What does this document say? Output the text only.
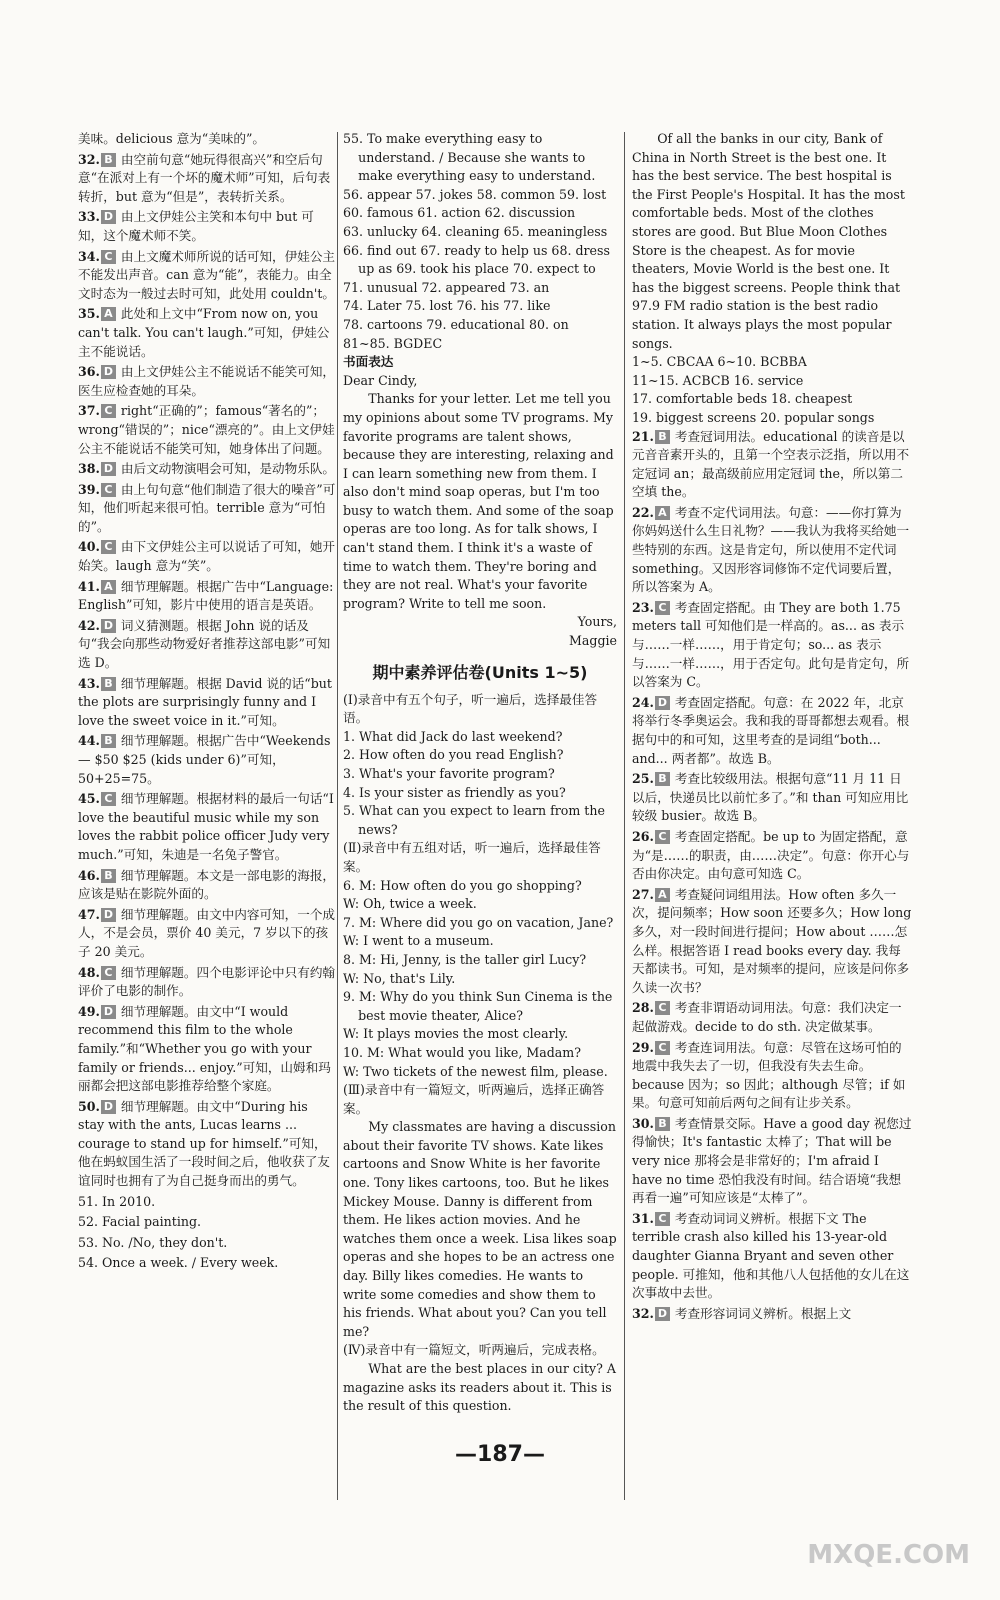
美味。delicious 意为“美味的”。
32. B 由空前句意“她玩得很高兴”和空后句意“在派对上有一个坏的魔术师”可知，后句表转折，but 意为“但是”，表转折关系。
33. D 由上文伊娃公主笑和本句中 but 可知，这个魔术师不笑。
34. C 由上文魔术师所说的话可知，伊娃公主不能发出声音。can 意为“能”，表能力。由全文时态为一般过去时可知，此处用 couldn't。
35. A 此处和上文中“From now on, you can't talk. You can't laugh.”可知，伊娃公主不能说话。
36. D 由上文伊娃公主不能说话不能笑可知，医生应检查她的耳朵。
37. C right“正确的”；famous“著名的”；wrong“错误的”；nice“漂亮的”。由上文伊娃公主不能说话不能笑可知，她身体出了问题。
38. D 由后文动物演唱会可知，是动物乐队。
39. C 由上句句意“他们制造了很大的噪音”可知，他们听起来很可怕。terrible 意为“可怕的”。
40. C 由下文伊娃公主可以说话了可知，她开始笑。laugh 意为“笑”。
41. A 细节理解题。根据广告中“Language: English”可知，影片中使用的语言是英语。
42. D 词义猜测题。根据 John 说的话及句“我会向那些动物爱好者推荐这部电影”可知选 D。
43. B 细节理解题。根据 David 说的话“but the plots are surprisingly funny and I love the sweet voice in it.”可知。
44. B 细节理解题。根据广告中“Weekends — $50 $25 (kids under 6)”可知，50+25=75。
45. C 细节理解题。根据材料的最后一句话“I love the beautiful music while my son loves the rabbit police officer Judy very much.”可知，朱迪是一名兔子警官。
46. B 细节理解题。本文是一部电影的海报，应该是贴在影院外面的。
47. D 细节理解题。由文中内容可知，一个成人，不是会员，票价 40 美元，7 岁以下的孩子 20 美元。
48. C 细节理解题。四个电影评论中只有约翰评价了电影的制作。
49. D 细节理解题。由文中“I would recommend this film to the whole family.”和“Whether you go with your family or friends... enjoy.”可知，山姆和玛丽都会把这部电影推荐给整个家庭。
50. D 细节理解题。由文中“During his stay with the ants, Lucas learns ... courage to stand up for himself.”可知，他在蚂蚁国生活了一段时间之后，他收获了友谊同时也拥有了为自己挺身而出的勇气。
51. In 2010.
52. Facial painting.
53. No. /No, they don't.
54. Once a week. / Every week.

55. To make everything easy to understand. / Because she wants to make everything easy to understand.

56. appear 57. jokes 58. common 59. lost

60. famous 61. action 62. discussion

63. unlucky 64. cleaning 65. meaningless

66. find out 67. ready to help us 68. dress up as 69. took his place 70. expect to

71. unusual 72. appeared 73. an

74. Later 75. lost 76. his 77. like

78. cartoons 79. educational 80. on

81~85. BGDEC

书面表达

Dear Cindy,

Thanks for your letter. Let me tell you my opinions about some TV programs. My favorite programs are talent shows, because they are interesting, relaxing and I can learn something new from them. I also don't mind soap operas, but I'm too busy to watch them. And some of the soap operas are too long. As for talk shows, I can't stand them. I think it's a waste of time to watch them. They're boring and they are not real. What's your favorite program? Write to tell me soon.

Yours,

Maggie

期中素养评估卷(Units 1~5)

(Ⅰ)录音中有五个句子，听一遍后，选择最佳答语。

1. What did Jack do last weekend?

2. How often do you read English?

3. What's your favorite program?

4. Is your sister as friendly as you?

5. What can you expect to learn from the news?

(Ⅱ)录音中有五组对话，听一遍后，选择最佳答案。

6. M: How often do you go shopping?

W: Oh, twice a week.

7. M: Where did you go on vacation, Jane?

W: I went to a museum.

8. M: Hi, Jenny, is the taller girl Lucy?

W: No, that's Lily.

9. M: Why do you think Sun Cinema is the best movie theater, Alice?

W: It plays movies the most clearly.

10. M: What would you like, Madam?

W: Two tickets of the newest film, please.

(Ⅲ)录音中有一篇短文，听两遍后，选择正确答案。

My classmates are having a discussion about their favorite TV shows. Kate likes cartoons and Snow White is her favorite one. Tony likes cartoons, too. But he likes Mickey Mouse. Danny is different from them. He likes action movies. And he watches them once a week. Lisa likes soap operas and she hopes to be an actress one day. Billy likes comedies. He wants to write some comedies and show them to his friends. What about you? Can you tell me?

(Ⅳ)录音中有一篇短文，听两遍后，完成表格。

What are the best places in our city? A magazine asks its readers about it. This is the result of this question.

Of all the banks in our city, Bank of China in North Street is the best one. It has the best service. The best hospital is the First People's Hospital. It has the most comfortable beds. Most of the clothes stores are good. But Blue Moon Clothes Store is the cheapest. As for movie theaters, Movie World is the best one. It has the biggest screens. People think that 97.9 FM radio station is the best radio station. It always plays the most popular songs.

1~5. CBCAA 6~10. BCBBA

11~15. ACBCB 16. service

17. comfortable beds 18. cheapest

19. biggest screens 20. popular songs

21. B 考查冠词用法。educational 的读音是以元音音素开头的，且第一个空表示泛指，所以用不定冠词 an；最高级前应用定冠词 the，所以第二空填 the。
22. A 考查不定代词用法。句意：——你打算为你妈妈送什么生日礼物？——我认为我将买给她一些特别的东西。这是肯定句，所以使用不定代词 something。又因形容词修饰不定代词要后置，所以答案为 A。
23. C 考查固定搭配。由 They are both 1.75 meters tall 可知他们是一样高的。as... as 表示与……一样……，用于肯定句；so... as 表示与……一样……，用于否定句。此句是肯定句，所以答案为 C。
24. D 考查固定搭配。句意：在 2022 年，北京将举行冬季奥运会。我和我的哥哥都想去观看。根据句中的和可知，这里考查的是词组“both... and... 两者都”。故选 B。
25. B 考查比较级用法。根据句意“11 月 11 日以后，快递员比以前忙多了。”和 than 可知应用比较级 busier。故选 B。
26. C 考查固定搭配。be up to 为固定搭配，意为“是……的职责，由……决定”。句意：你开心与否由你决定。由句意可知选 C。
27. A 考查疑问词组用法。How often 多久一次，提问频率；How soon 还要多久；How long 多久，对一段时间进行提问；How about ……怎么样。根据答语 I read books every day. 我每天都读书。可知，是对频率的提问，应该是问你多久读一次书？
28. C 考查非谓语动词用法。句意：我们决定一起做游戏。decide to do sth. 决定做某事。
29. C 考查连词用法。句意：尽管在这场可怕的地震中我失去了一切，但我没有失去生命。because 因为；so 因此；although 尽管；if 如果。句意可知前后两句之间有让步关系。
30. B 考查情景交际。Have a good day 祝您过得愉快；It's fantastic 太棒了；That will be very nice 那将会是非常好的；I'm afraid I have no time 恐怕我没有时间。结合语境“我想再看一遍”可知应该是“太棒了”。
31. C 考查动词词义辨析。根据下文 The terrible crash also killed his 13-year-old daughter Gianna Bryant and seven other people. 可推知，他和其他八人包括他的女儿在这次事故中去世。
32. D 考查形容词词义辨析。根据上文
—187—
MXQE.COM
